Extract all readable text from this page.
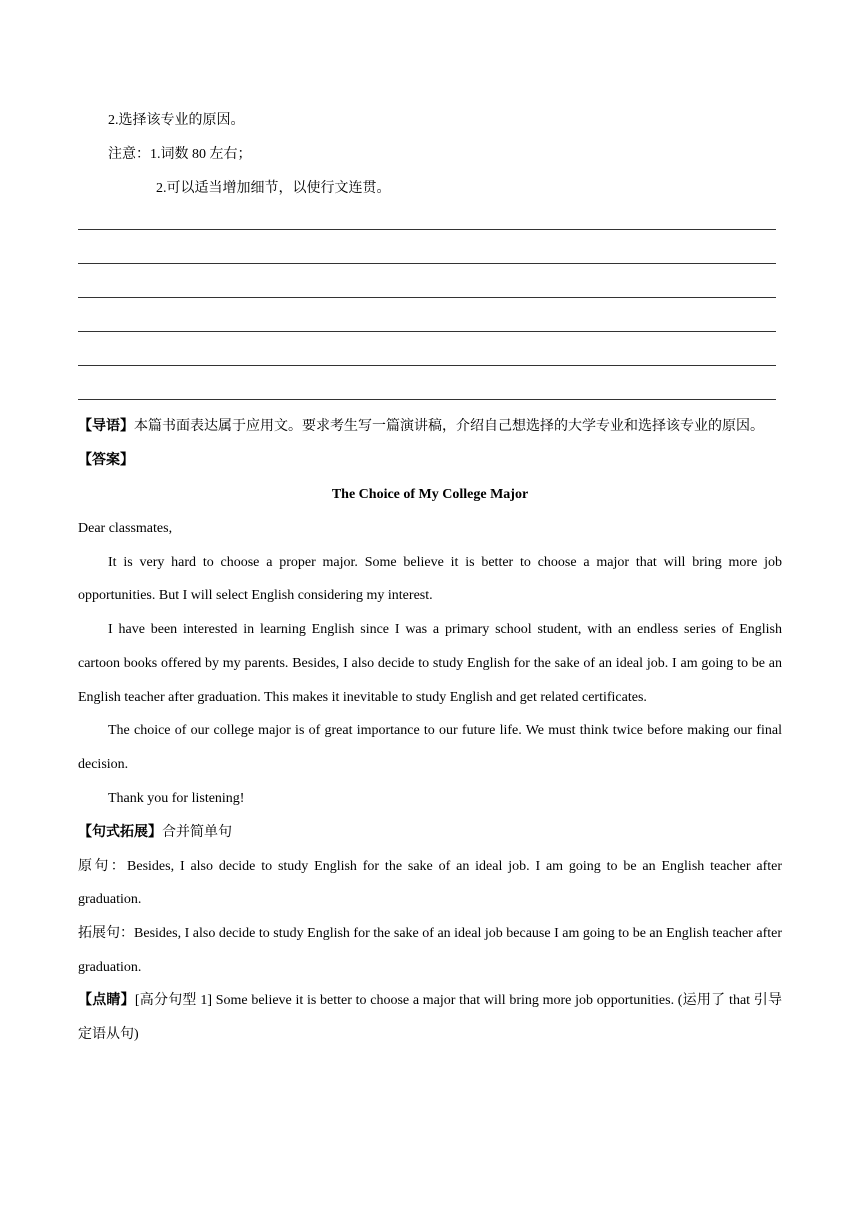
2.选择该专业的原因。

注意：1.词数 80 左右；

2.可以适当增加细节，以使行文连贯。

【导语】本篇书面表达属于应用文。要求考生写一篇演讲稿，介绍自己想选择的大学专业和选择该专业的原因。

【答案】

The Choice of My College Major

Dear classmates,

It is very hard to choose a proper major. Some believe it is better to choose a major that will bring more job opportunities. But I will select English considering my interest.

I have been interested in learning English since I was a primary school student, with an endless series of English cartoon books offered by my parents. Besides, I also decide to study English for the sake of an ideal job. I am going to be an English teacher after graduation. This makes it inevitable to study English and get related certificates.

The choice of our college major is of great importance to our future life. We must think twice before making our final decision.

Thank you for listening!

【句式拓展】合并简单句

原句：Besides, I also decide to study English for the sake of an ideal job. I am going to be an English teacher after graduation.

拓展句：Besides, I also decide to study English for the sake of an ideal job because I am going to be an English teacher after graduation.

【点睛】[高分句型 1] Some believe it is better to choose a major that will bring more job opportunities. (运用了 that 引导定语从句)
